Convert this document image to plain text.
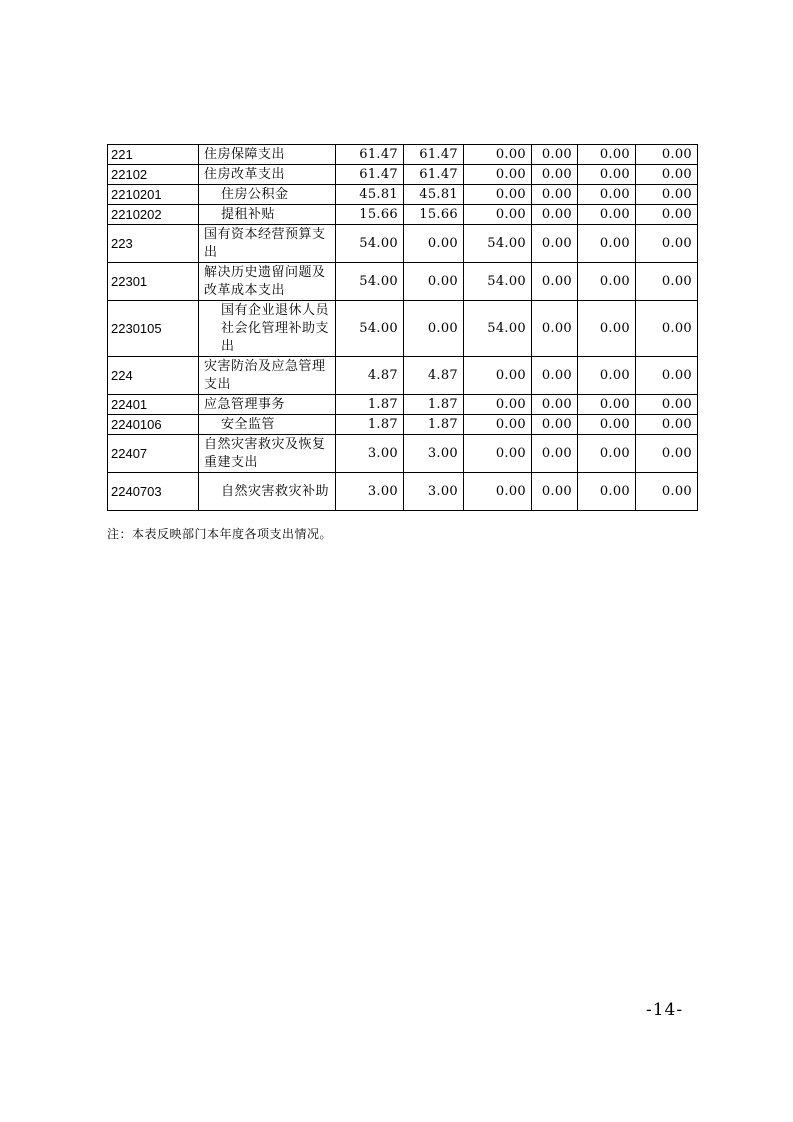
221	住房保障支出	61.47	61.47	0.00	0.00	0.00	0.00
22102	住房改革支出	61.47	61.47	0.00	0.00	0.00	0.00
2210201	住房公积金	45.81	45.81	0.00	0.00	0.00	0.00
2210202	提租补贴	15.66	15.66	0.00	0.00	0.00	0.00
223	国有资本经营预算支出	54.00	0.00	54.00	0.00	0.00	0.00
22301	解决历史遗留问题及改革成本支出	54.00	0.00	54.00	0.00	0.00	0.00
2230105	国有企业退休人员社会化管理补助支出	54.00	0.00	54.00	0.00	0.00	0.00
224	灾害防治及应急管理支出	4.87	4.87	0.00	0.00	0.00	0.00
22401	应急管理事务	1.87	1.87	0.00	0.00	0.00	0.00
2240106	安全监管	1.87	1.87	0.00	0.00	0.00	0.00
22407	自然灾害救灾及恢复重建支出	3.00	3.00	0.00	0.00	0.00	0.00
2240703	自然灾害救灾补助	3.00	3.00	0.00	0.00	0.00	0.00

注：本表反映部门本年度各项支出情况。

-14-
